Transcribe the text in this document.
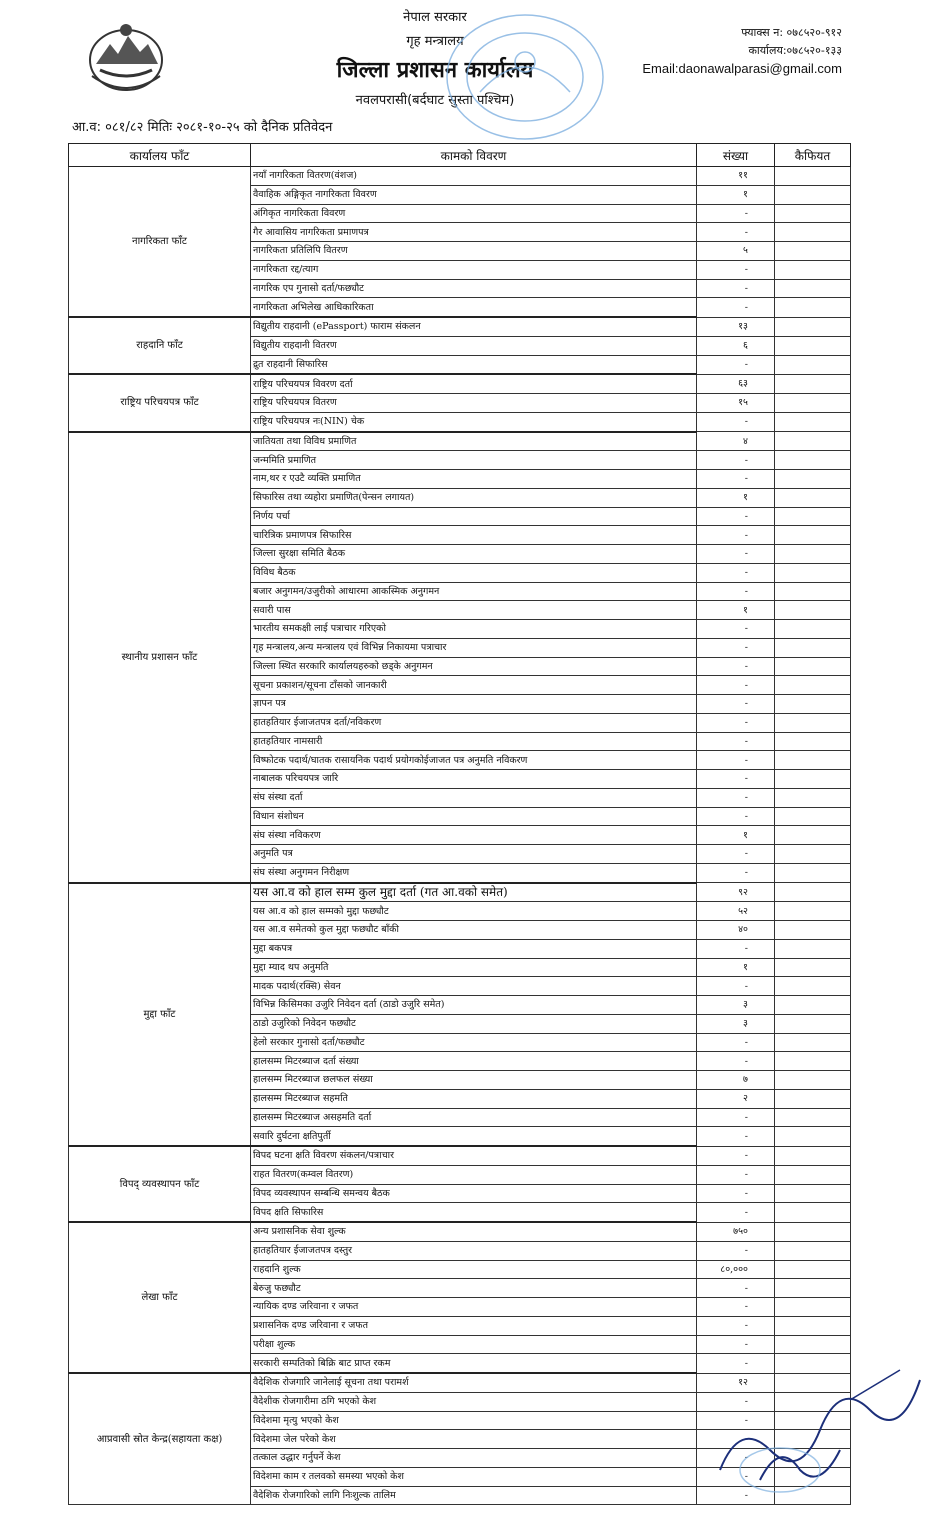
नेपाल सरकार
गृह मन्त्रालय
जिल्ला प्रशासन कार्यालय
नवलपरासी(बर्दघाट सुस्ता पश्चिम)
फ्याक्स न: ०७८५२०-९१२
कार्यालय:०७८५२०-१३३
Email:daonawalparasi@gmail.com
आ.व: ०८१/८२ मितिः २०८१-१०-२५ को दैनिक प्रतिवेदन
कार्यालय फाँट	कामको विवरण	संख्या	कैफियत
नागरिकता फाँट	नयाँ नागरिकता वितरण(वंशज)	११	
	वैवाहिक अङ्गिकृत नागरिकता विवरण	१	
	अंगिकृत नागरिकता विवरण	-	
	गैर आवासिय नागरिकता प्रमाणपत्र	-	
	नागरिकता प्रतिलिपि वितरण	५	
	नागरिकता रद्द/त्याग	-	
	नागरिक एप गुनासो दर्ता/फछ्यौट	-	
	नागरिकता अभिलेख आधिकारिकता	-	
राहदानि फाँट	विद्युतीय राहदानी (ePassport) फाराम संकलन	१३	
	विद्युतीय राहदानी वितरण	६	
	द्रुत राहदानी सिफारिस	-	
राष्ट्रिय परिचयपत्र फाँट	राष्ट्रिय परिचयपत्र विवरण दर्ता	६३	
	राष्ट्रिय परिचयपत्र वितरण	१५	
	राष्ट्रिय परिचयपत्र नः(NIN) चेक	-	
स्थानीय प्रशासन फाँट	जातियता तथा विविध प्रमाणित	४	
	जन्ममिति प्रमाणित	-	
	नाम,थर र एउटै व्यक्ति प्रमाणित	-	
	सिफारिस तथा व्यहोरा प्रमाणित(पेन्सन लगायत)	१	
	निर्णय पर्चा	-	
	चारित्रिक प्रमाणपत्र सिफारिस	-	
	जिल्ला सुरक्षा समिति बैठक	-	
	विविध बैठक	-	
	बजार अनुगमन/उजुरीको आधारमा आकस्मिक अनुगमन	-	
	सवारी पास	१	
	भारतीय समकक्षी लाई पत्राचार गरिएको	-	
	गृह मन्त्रालय,अन्य मन्त्रालय एवं विभिन्न निकायमा पत्राचार	-	
	जिल्ला स्थित सरकारि कार्यालयहरुको छड्के अनुगमन	-	
	सूचना प्रकाशन/सूचना टाँसको जानकारी	-	
	ज्ञापन पत्र	-	
	हातहतियार ईजाजतपत्र दर्ता/नविकरण	-	
	हातहतियार नामसारी	-	
	विष्फोटक पदार्थ/घातक रासायनिक पदार्थ प्रयोगकोईजाजत पत्र अनुमति नविकरण	-	
	नाबालक परिचयपत्र जारि	-	
	संघ संस्था दर्ता	-	
	विधान संशोधन	-	
	संघ संस्था नविकरण	१	
	अनुमति पत्र	-	
	संघ संस्था अनुगमन निरीक्षण	-	
मुद्दा फाँट	यस आ.व को हाल सम्म कुल मुद्दा दर्ता (गत आ.वको समेत)	९२	
	यस आ.व को हाल सम्मको मुद्दा फछ्यौट	५२	
	यस आ.व समेतको कुल मुद्दा फछ्यौट बाँकी	४०	
	मुद्दा बकपत्र	-	
	मुद्दा म्याद थप अनुमति	१	
	मादक पदार्थ(रक्सि) सेवन	-	
	विभिन्न किसिमका उजुरि निवेदन दर्ता (ठाडो उजुरि समेत)	३	
	ठाडो उजुरिको निवेदन फछ्यौट	३	
	हेलो सरकार गुनासो दर्ता/फछ्यौट	-	
	हालसम्म मिटरब्याज दर्ता संख्या	-	
	हालसम्म मिटरब्याज छलफल संख्या	७	
	हालसम्म मिटरब्याज सहमति	२	
	हालसम्म मिटरब्याज असहमति दर्ता	-	
	सवारि दुर्घटना क्षतिपुर्ती	-	
विपद् व्यवस्थापन फाँट	विपद घटना क्षति विवरण संकलन/पत्राचार	-	
	राहत वितरण(कम्वल वितरण)	-	
	विपद व्यवस्थापन सम्बन्धि समन्वय बैठक	-	
	विपद क्षति सिफारिस	-	
लेखा फाँट	अन्य प्रशासनिक सेवा शुल्क	७५०	
	हातहतियार ईजाजतपत्र दस्तुर	-	
	राहदानि शुल्क	८०,०००	
	बेरुजु फछ्यौट	-	
	न्यायिक दण्ड जरिवाना र जफत	-	
	प्रशासनिक दण्ड जरिवाना र जफत	-	
	परीक्षा शुल्क	-	
	सरकारी सम्पतिको बिक्रि बाट प्राप्त रकम	-	
आप्रवासी स्रोत केन्द्र(सहायता कक्ष)	वैदेशिक रोजगारि जानेलाई सूचना तथा परामर्श	१२	
	वैदेशीक रोजगारीमा ठगि भएको केश	-	
	विदेशमा मृत्यु भएको केश	-	
	विदेशमा जेल परेको केश	-	
	तत्काल उद्धार गर्नुपर्ने केश	-	
	विदेशमा काम र तलवको समस्या भएको केश	-	
	वैदेशिक रोजगारिको लागि निःशुल्क तालिम	-	
